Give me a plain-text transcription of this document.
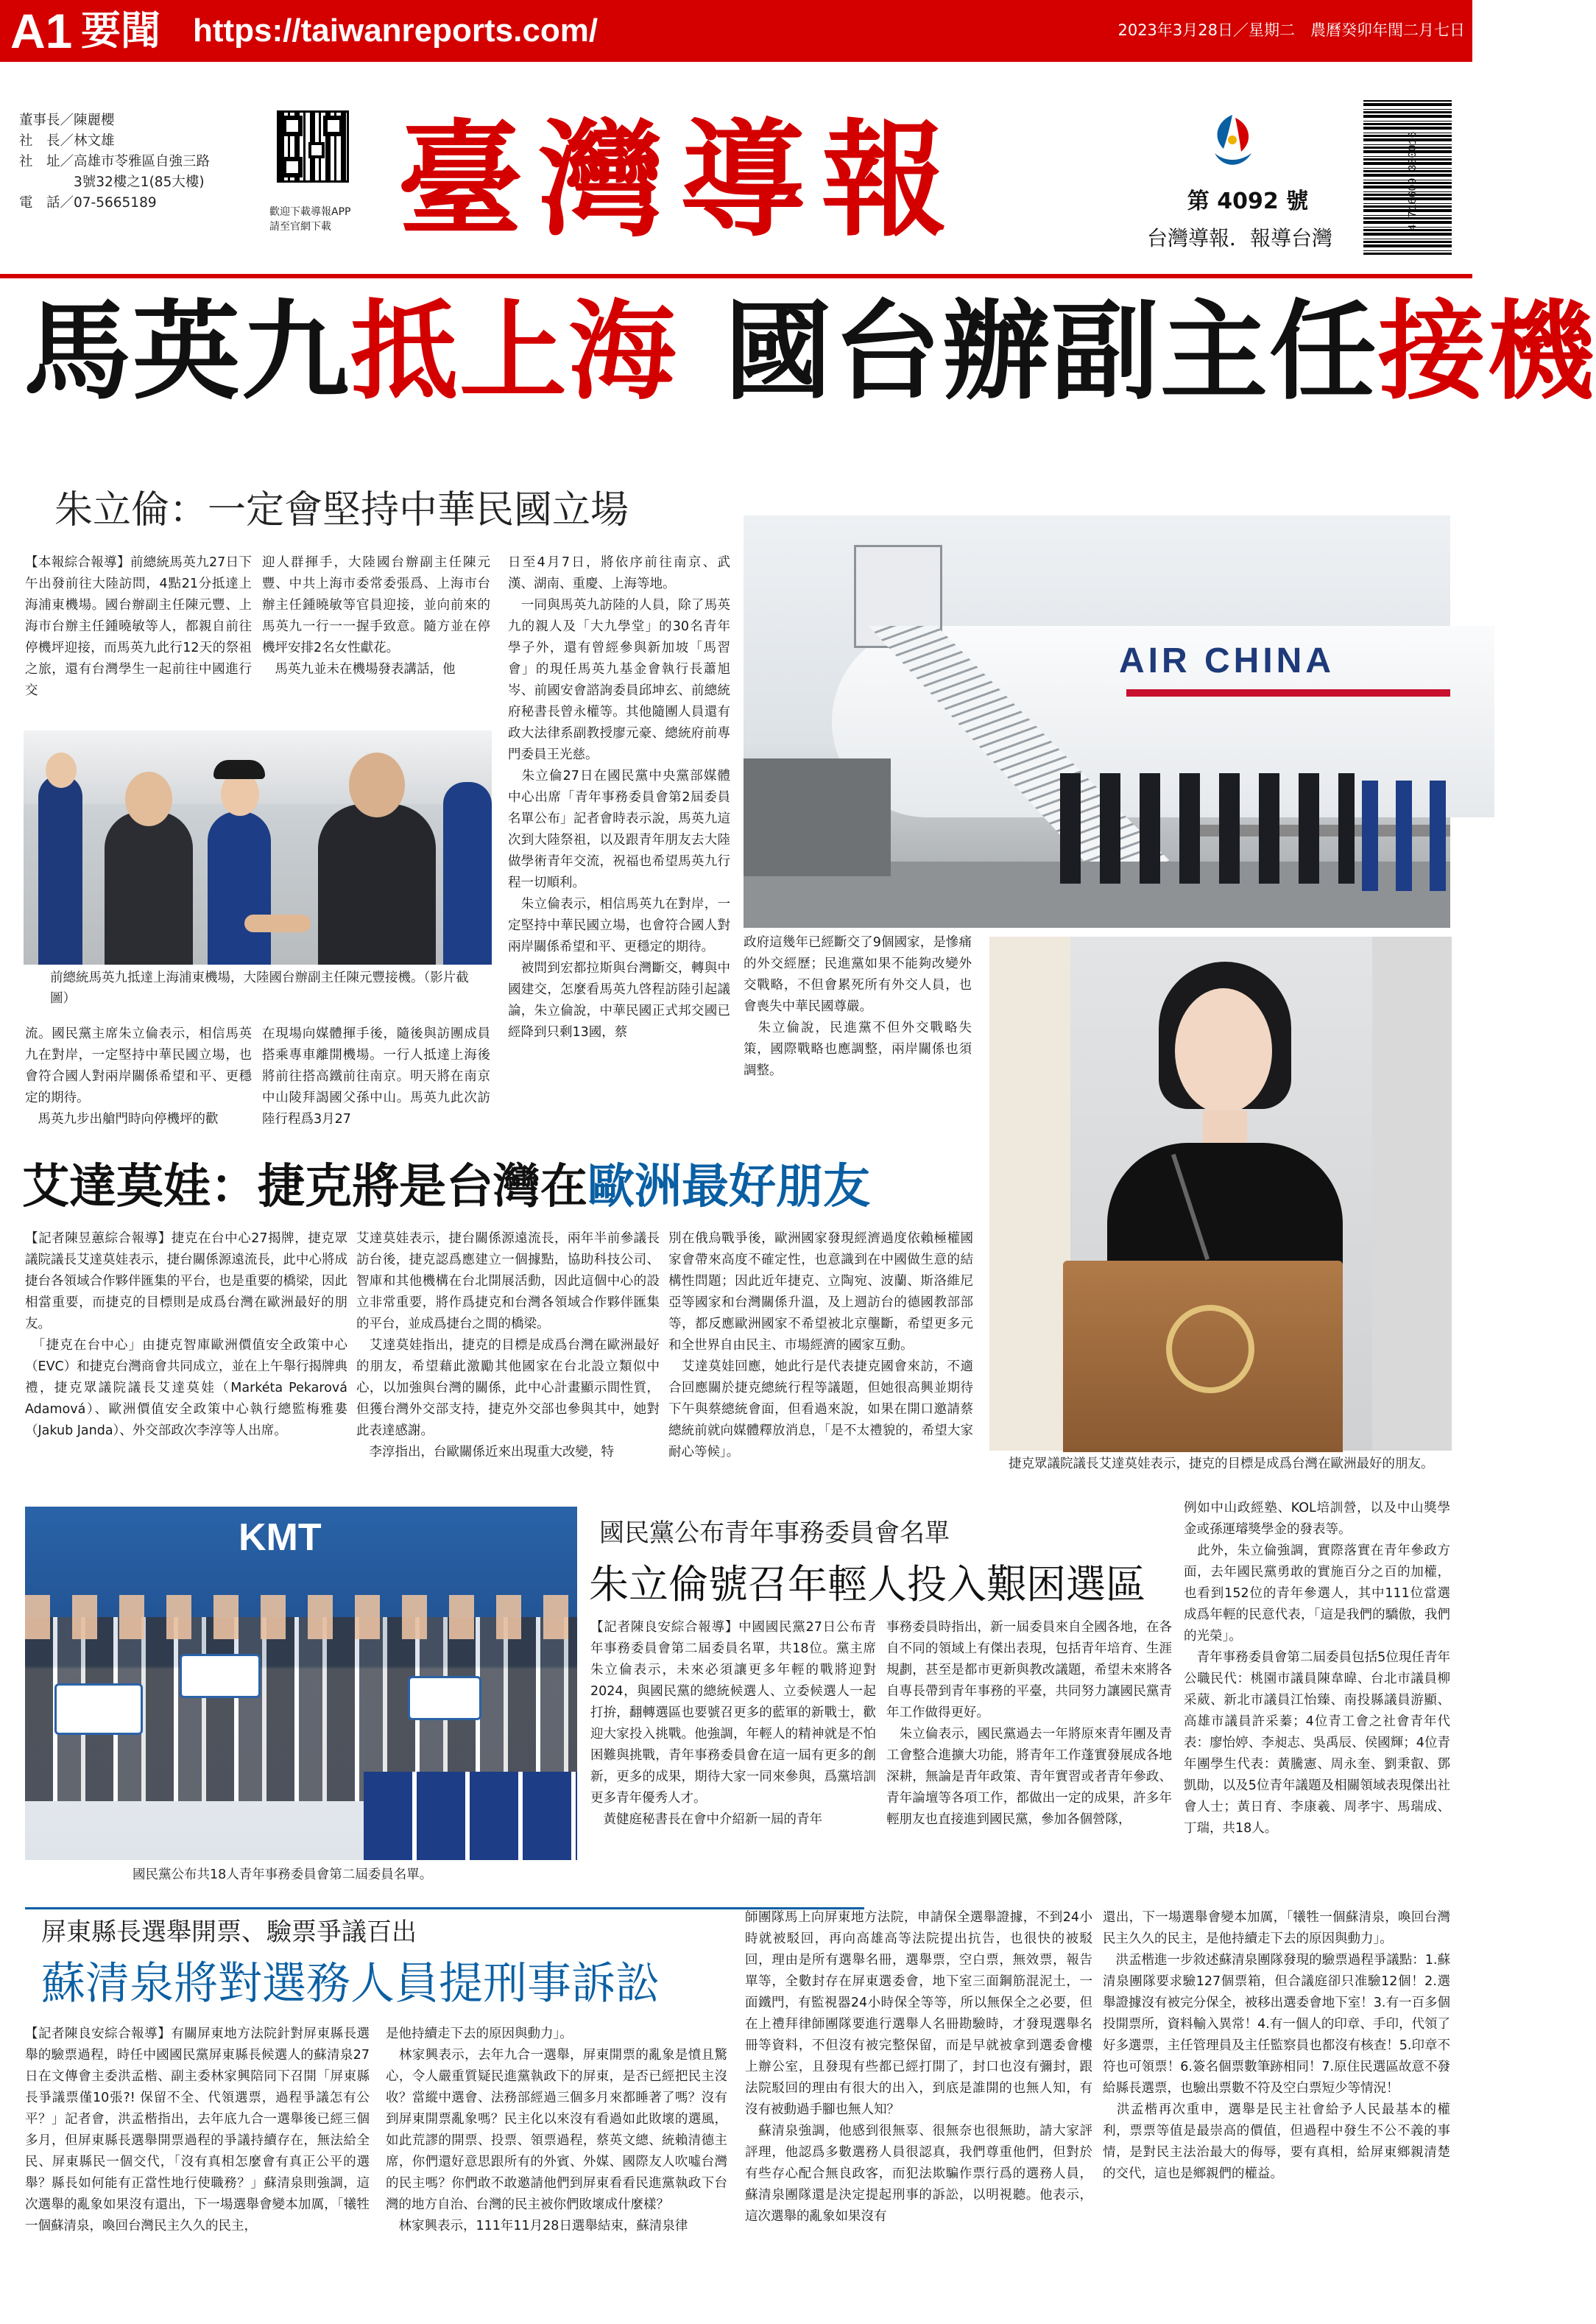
A1 要聞 https://taiwanreports.com/	2023年3月28日／星期二　農曆癸卯年閏二月七日
董事長／陳麗櫻
社　長／林文雄
社　址／高雄市苓雅區自強三路
　　　　3號32樓之1(85大樓)
電　話／07-5665189
歡迎下載導報APP
請至官網下載 臺灣導報	第 4092 號
台灣導報．報導台灣
4 716609 330016
馬英九抵上海 國台辦副主任接機
朱立倫：一定會堅持中華民國立場
【本報綜合報導】前總統馬英九27日下午出發前往大陸訪問，4點21分抵達上海浦東機場。國台辦副主任陳元豐、上海市台辦主任鍾曉敏等人，都親自前往停機坪迎接，而馬英九此行12天的祭祖之旅，還有台灣學生一起前往中國進行交
迎人群揮手，大陸國台辦副主任陳元豐、中共上海市委常委張爲、上海市台辦主任鍾曉敏等官員迎接，並向前來的馬英九一行一一握手致意。隨方並在停機坪安排2名女性獻花。
　馬英九並未在機場發表講話，他
前總統馬英九抵達上海浦東機場，大陸國台辦副主任陳元豐接機。（影片截圖）
流。國民黨主席朱立倫表示，相信馬英九在對岸，一定堅持中華民國立場，也會符合國人對兩岸關係希望和平、更穩定的期待。
　馬英九步出艙門時向停機坪的歡
在現場向媒體揮手後，隨後與訪團成員搭乘專車離開機場。一行人抵達上海後將前往搭高鐵前往南京。明天將在南京中山陵拜謁國父孫中山。馬英九此次訪陸行程爲3月27
日至4月7日，將依序前往南京、武漢、湖南、重慶、上海等地。
　一同與馬英九訪陸的人員，除了馬英九的親人及「大九學堂」的30名青年學子外，還有曾經參與新加坡「馬習會」的現任馬英九基金會執行長蕭旭岑、前國安會諮詢委員邱坤玄、前總統府秘書長曾永權等。其他隨團人員還有政大法律系副教授廖元豪、總統府前專門委員王光慈。
　朱立倫27日在國民黨中央黨部媒體中心出席「青年事務委員會第2屆委員名單公布」記者會時表示說，馬英九這次到大陸祭祖，以及跟青年朋友去大陸做學術青年交流，祝福也希望馬英九行程一切順利。
　朱立倫表示，相信馬英九在對岸，一定堅持中華民國立場，也會符合國人對兩岸關係希望和平、更穩定的期待。
　被問到宏都拉斯與台灣斷交，轉與中國建交，怎麼看馬英九啓程訪陸引起議論，朱立倫說，中華民國正式邦交國已經降到只剩13國，蔡
AIR CHINA
政府這幾年已經斷交了9個國家，是慘痛的外交經歷；民進黨如果不能夠改變外交戰略，不但會累死所有外交人員，也會喪失中華民國尊嚴。
　朱立倫說，民進黨不但外交戰略失策，國際戰略也應調整，兩岸關係也須調整。
捷克眾議院議長艾達莫娃表示，捷克的目標是成爲台灣在歐洲最好的朋友。
艾達莫娃：捷克將是台灣在歐洲最好朋友
【記者陳昱蕙綜合報導】捷克在台中心27揭牌，捷克眾議院議長艾達莫娃表示，捷台關係源遠流長，此中心將成捷台各領域合作夥伴匯集的平台，也是重要的橋梁，因此相當重要，而捷克的目標則是成爲台灣在歐洲最好的朋友。
　「捷克在台中心」由捷克智庫歐洲價值安全政策中心（EVC）和捷克台灣商會共同成立，並在上午舉行揭牌典禮，捷克眾議院議長艾達莫娃（Markéta Pekarová Adamová）、歐洲價值安全政策中心執行總監梅雅婁（Jakub Janda）、外交部政次李淳等人出席。
艾達莫娃表示，捷台關係源遠流長，兩年半前參議長訪台後，捷克認爲應建立一個據點，協助科技公司、智庫和其他機構在台北開展活動，因此這個中心的設立非常重要，將作爲捷克和台灣各領域合作夥伴匯集的平台，並成爲捷台之間的橋梁。
　艾達莫娃指出，捷克的目標是成爲台灣在歐洲最好的朋友，希望藉此激勵其他國家在台北設立類似中心，以加強與台灣的關係，此中心計畫顯示間性質，但獲台灣外交部支持，捷克外交部也參與其中，她對此表達感謝。
　李淳指出，台歐關係近來出現重大改變，特
別在俄烏戰爭後，歐洲國家發現經濟過度依賴極權國家會帶來高度不確定性，也意識到在中國做生意的結構性問題；因此近年捷克、立陶宛、波蘭、斯洛維尼亞等國家和台灣關係升溫，及上週訪台的德國教部部等，都反應歐洲國家不希望被北京壟斷，希望更多元和全世界自由民主、市場經濟的國家互動。
　艾達莫娃回應，她此行是代表捷克國會來訪，不適合回應關於捷克總統行程等議題，但她很高興並期待下午與蔡總統會面，但看過來說，如果在開口邀請蔡總統前就向媒體釋放消息，「是不太禮貌的，希望大家耐心等候」。
KMT
國民黨公布共18人青年事務委員會第二屆委員名單。
國民黨公布青年事務委員會名單
朱立倫號召年輕人投入艱困選區
【記者陳良安綜合報導】中國國民黨27日公布青年事務委員會第二屆委員名單，共18位。黨主席朱立倫表示，未來必須讓更多年輕的戰將迎對2024，與國民黨的總統候選人、立委候選人一起打拚，翻轉選區也要號召更多的藍軍的新戰士，歡迎大家投入挑戰。他強調，年輕人的精神就是不怕困難與挑戰，青年事務委員會在這一屆有更多的創新，更多的成果，期待大家一同來參與，爲黨培訓更多青年優秀人才。
　黃健庭秘書長在會中介紹新一屆的青年
事務委員時指出，新一屆委員來自全國各地，在各自不同的領域上有傑出表現，包括青年培育、生涯規劃，甚至是都市更新與教改議題，希望未來將各自專長帶到青年事務的平臺，共同努力讓國民黨青年工作做得更好。
　朱立倫表示，國民黨過去一年將原來青年團及青工會整合進擴大功能，將青年工作蓬實發展成各地深耕，無論是青年政策、青年實習或者青年參政、青年論壇等各項工作，都做出一定的成果，許多年輕朋友也直接進到國民黨，參加各個營隊，
例如中山政經塾、KOL培訓營，以及中山獎學金或孫運璿獎學金的發表等。
　此外，朱立倫強調，實際落實在青年參政方面，去年國民黨勇敢的實施百分之百的加權，也看到152位的青年參選人，其中111位當選成爲年輕的民意代表，「這是我們的驕傲，我們的光榮」。
　青年事務委員會第二屆委員包括5位現任青年公職民代：桃園市議員陳韋暐、台北市議員柳采葳、新北市議員江怡臻、南投縣議員游顯、高雄市議員許采蓁；4位青工會之社會青年代表：廖怡婷、李昶志、吳禹辰、侯國輝；4位青年團學生代表：黃騰憲、周永奎、劉秉叡、鄧凱勛，以及5位青年議題及相關領域表現傑出社會人士；黃日育、李康羲、周孝宇、馬瑞成、丁瑞，共18人。
屏東縣長選舉開票、驗票爭議百出
蘇清泉將對選務人員提刑事訴訟
【記者陳良安綜合報導】有關屏東地方法院針對屏東縣長選舉的驗票過程，時任中國國民黨屏東縣長候選人的蘇清泉27日在文傳會主委洪孟楷、副主委林家興陪同下召開「屏東縣長爭議票僅10張?! 保留不全、代領選票，過程爭議怎有公平？」記者會，洪孟楷指出，去年底九合一選舉後已經三個多月，但屏東縣長選舉開票過程的爭議持續存在，無法給全民、屏東縣民一個交代，「沒有真相怎麼會有真正公平的選舉？縣長如何能有正當性地行使職務？」蘇清泉則強調，這次選舉的亂象如果沒有還出，下一場選舉會變本加厲，「犧牲一個蘇清泉，喚回台灣民主久久的民主，
是他持續走下去的原因與動力」。
　林家興表示，去年九合一選舉，屏東開票的亂象是憤且驚心，令人嚴重質疑民進黨執政下的屏東，是否已經把民主沒收？當縱中選會、法務部經過三個多月來都睡著了嗎？沒有到屏東開票亂象嗎？民主化以來沒有看過如此敗壞的選風，如此荒謬的開票、投票、領票過程，蔡英文總、統賴清德主席，你們還好意思跟所有的外賓、外媒、國際友人吹噓台灣的民主嗎？你們敢不敢邀請他們到屏東看看民進黨執政下台灣的地方自治、台灣的民主被你們敗壞成什麼樣？
　林家興表示，111年11月28日選舉結束，蘇清泉律
師團隊馬上向屏東地方法院，申請保全選舉證據，不到24小時就被駁回，再向高雄高等法院提出抗告，也很快的被駁回，理由是所有選舉名冊，選舉票，空白票，無效票，報告單等，全數封存在屏東選委會，地下室三面鋼筋混泥土，一面鐵門，有監視器24小時保全等等，所以無保全之必要，但在上禮拜律師團隊要進行選舉人名冊勘驗時，才發現選舉名冊等資料，不但沒有被完整保留，而是早就被拿到選委會樓上辦公室，且發現有些都已經打開了，封口也沒有彌封，跟法院駁回的理由有很大的出入，到底是誰開的也無人知，有沒有被動過手腳也無人知？
　蘇清泉強調，他感到很無辜、很無奈也很無助，請大家評評理，他認爲多數選務人員很認真，我們尊重他們，但對於有些存心配合無良政客，而犯法欺騙作票行爲的選務人員，蘇清泉團隊還是決定提起刑事的訴訟，以明視聽。他表示，這次選舉的亂象如果沒有
還出，下一場選舉會變本加厲，「犧牲一個蘇清泉，喚回台灣民主久久的民主，是他持續走下去的原因與動力」。
　洪孟楷進一步敘述蘇清泉團隊發現的驗票過程爭議點：1.蘇清泉團隊要求驗127個票箱，但合議庭卻只准驗12個！2.選舉證據沒有被完分保全，被移出選委會地下室！3.有一百多個投開票所，資料輸入異常！4.有一個人的印章、手印，代領了好多選票，主任管理員及主任監察員也都沒有核查！5.印章不符也可領票！6.簽名個票數筆跡相同！7.原住民選區故意不發給縣長選票，也驗出票數不符及空白票短少等情況！
　洪孟楷再次重申，選舉是民主社會給予人民最基本的權利，票票等值是最崇高的價值，但過程中發生不公不義的事情，是對民主法治最大的侮辱，要有真相，給屏東鄉親清楚的交代，這也是鄉親們的權益。
